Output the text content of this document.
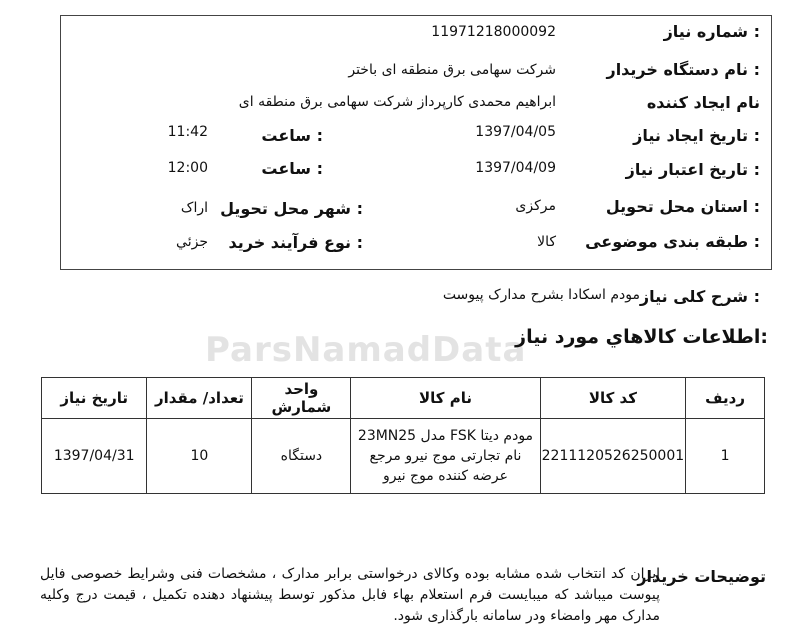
ParsNamadData
شماره نیاز :
11971218000092
نام دستگاه خریدار :
شرکت سهامی برق منطقه ای باختر
نام ایجاد کننده
ابراهیم محمدی کارپرداز شرکت سهامی برق منطقه ای
تاریخ ایجاد نیاز :
1397/04/05
ساعت :
11:42
تاریخ اعتبار نیاز :
1397/04/09
ساعت :
12:00
استان محل تحویل :
مرکزی
شهر محل تحویل :
اراک
طبقه بندی موضوعی :
کالا
نوع فرآیند خرید :
جزئي
شرح کلی نیاز :
مودم اسکادا بشرح مدارک پیوست
اطلاعات کالاهاي مورد نياز:
ردیف	کد کالا	نام کالا	واحد شمارش	تعداد/ مقدار	تاریخ نیاز
1	2211120526250001	مودم دیتا FSK مدل 23MN25 نام تجارتی موج نیرو مرجع عرضه کننده موج نیرو	دستگاه	10	1397/04/31
توضیحات خریدار
ایران کد انتخاب شده مشابه بوده وکالای درخواستی برابر مدارک ، مشخصات فنی وشرایط خصوصی فایل پیوست میباشد که میبایست فرم استعلام بهاء فابل مذکور توسط پیشنهاد دهنده تکمیل ، قیمت درج وکلیه مدارک مهر وامضاء ودر سامانه بارگذاری شود.
